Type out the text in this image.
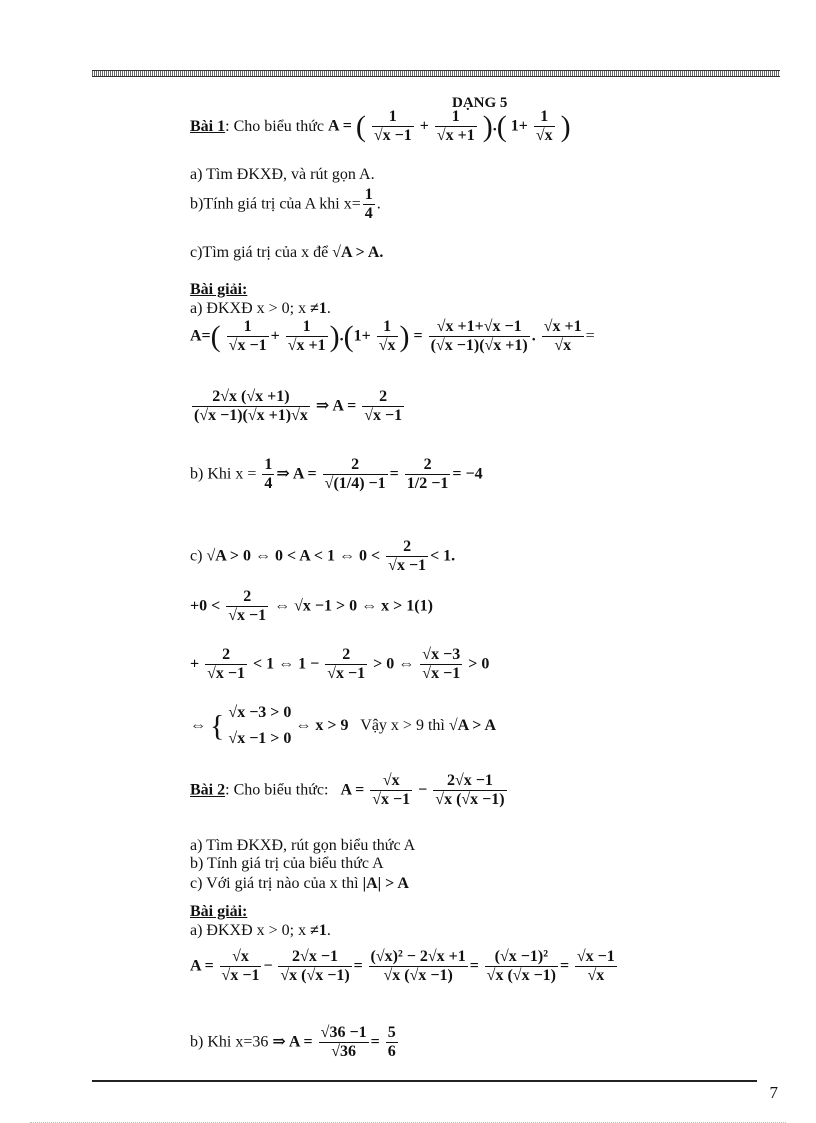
DẠNG 5
Bài 1: Cho biểu thức A = ( $\frac{1}{√x -1} + \frac{1}{√x +1}$ ).( $1+ \frac{1}{√x}$ )
a) Tìm ĐKXĐ, và rút gọn A.
b)Tính giá trị của A khi $x= \frac{1}{4}$ .
c)Tìm giá trị của x để √A > A.
Bài giải:
a) ĐKXĐ x > 0; x ≠1.
$A=( \frac{1}{√x -1} + \frac{1}{√x +1} ).(1+ \frac{1}{√x}$ ) = $\frac{√x +1+√x -1}{(√x -1)(√x +1)}$ . $\frac{√x +1}{√x}$ =
$\frac{2√x (√x +1)}{(√x -1)(√x +1)√x}$ ⇒ $A = \frac{2}{√x -1}$
b) Khi $x = \frac{1}{4}$ ⇒ $A = \frac{2}{√(1/4) -1} = \frac{2}{1/2 -1} = -4$
c) √A > 0 ⇔ 0 < A < 1 ⇔ $0 < \frac{2}{√x -1} < 1$.
$+0 < \frac{2}{√x -1}$ ⇔ √x −1 > 0 ⇔ x > 1(1)
+ $\frac{2}{√x -1} < 1$ ⇔ $1 - \frac{2}{√x -1} > 0$ ⇔ $\frac{√x -3}{√x -1} > 0$
⇔ { √x −3 > 0
√x −1 > 0
⇔ x > 9 Vậy x > 9 thì √A > A
Bài 2: Cho biểu thức: $A = \frac{√x}{√x -1} - \frac{2√x -1}{√x (√x -1)}$
a) Tìm ĐKXĐ, rút gọn biểu thức A
b) Tính giá trị của biểu thức A
c) Với giá trị nào của x thì |A| > A
Bài giải:
a) ĐKXĐ x > 0; x ≠1.
$A = \frac{√x}{√x -1} - \frac{2√x -1}{√x (√x -1)} = \frac{\text{(√x)² − 2√x +1}}{√x (√x -1)} = \frac{\text{(√x −1)²}}{√x (√x -1)} = \frac{√x -1}{√x}$
b) Khi x=36 ⇒ $A = \frac{√36 -1}{√36} = \frac{5}{6}$
7
